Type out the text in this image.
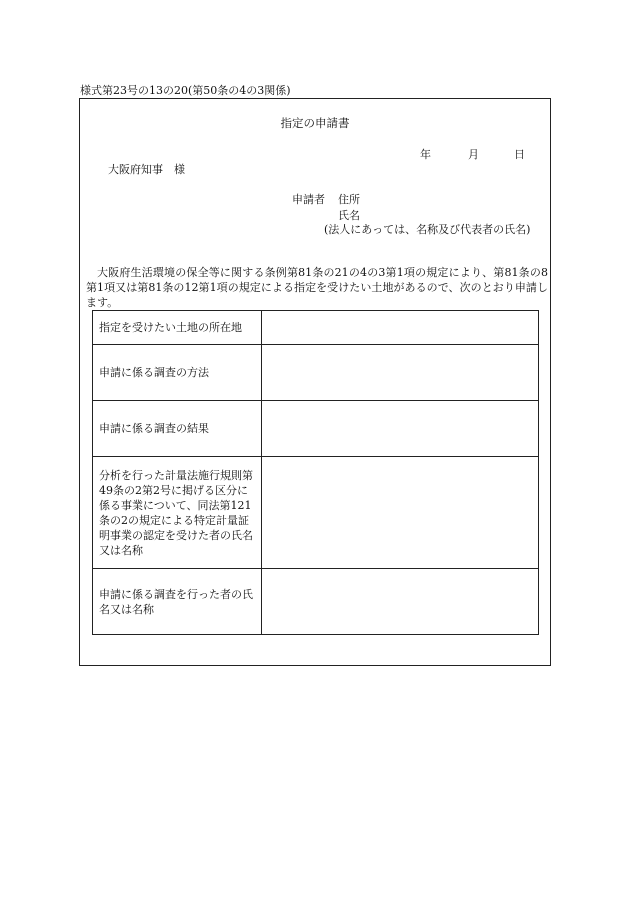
様式第23号の13の20(第50条の4の3関係)
指定の申請書
年	月	日
大阪府知事　様
申請者 住所
氏名
(法人にあっては、名称及び代表者の氏名)
大阪府生活環境の保全等に関する条例第81条の21の4の3第1項の規定により、第81条の8第1項又は第81条の12第1項の規定による指定を受けたい土地があるので、次のとおり申請します。
指定を受けたい土地の所在地	
申請に係る調査の方法	
申請に係る調査の結果	
分析を行った計量法施行規則第49条の2第2号に掲げる区分に係る事業について、同法第121条の2の規定による特定計量証明事業の認定を受けた者の氏名又は名称	
申請に係る調査を行った者の氏名又は名称	
